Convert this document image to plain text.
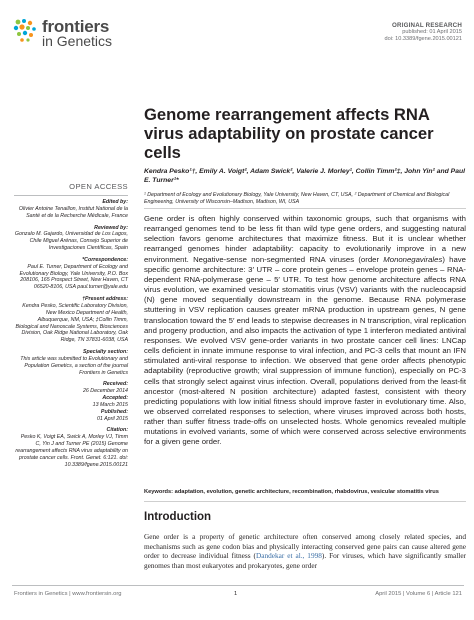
frontiers
in Genetics
ORIGINAL RESEARCH
published: 01 April 2015
doi: 10.3389/fgene.2015.00121
Genome rearrangement affects RNA virus adaptability on prostate cancer cells
Kendra Pesko¹†, Emily A. Voigt², Adam Swick², Valerie J. Morley¹, Collin Timm²‡, John Yin² and Paul E. Turner¹*
¹ Department of Ecology and Evolutionary Biology, Yale University, New Haven, CT, USA, ² Department of Chemical and Biological Engineering, University of Wisconsin–Madison, Madison, WI, USA
OPEN ACCESS
Edited by:
Olivier Antoine Tenaillon, Institut National de la Santé et de la Recherche Médicale, France
Reviewed by:
Gonzalo M. Gajardo, Universidad de Los Lagos, Chile Miguel Arénas, Consejo Superior de Investigaciones Científicas, Spain
*Correspondence:
Paul E. Turner, Department of Ecology and Evolutionary Biology, Yale University, P.O. Box 208106, 165 Prospect Street, New Haven, CT 06520-8106, USA paul.turner@yale.edu
†Present address:
Kendra Pesko, Scientific Laboratory Division, New Mexico Department of Health, Albuquerque, NM, USA; ‡Collin Timm, Biological and Nanoscale Systems, Biosciences Division, Oak Ridge National Laboratory, Oak Ridge, TN 37831-6038, USA
Specialty section:
This article was submitted to Evolutionary and Population Genetics, a section of the journal Frontiers in Genetics
Received:
26 December 2014
Accepted:
13 March 2015
Published:
01 April 2015
Citation:
Pesko K, Voigt EA, Swick A, Morley VJ, Timm C, Yin J and Turner PE (2015) Genome rearrangement affects RNA virus adaptability on prostate cancer cells. Front. Genet. 6:121. doi: 10.3389/fgene.2015.00121
Gene order is often highly conserved within taxonomic groups, such that organisms with rearranged genomes tend to be less fit than wild type gene orders, and suggesting natural selection favors genome architectures that maximize fitness. But it is unclear whether rearranged genomes hinder adaptability: capacity to evolutionarily improve in a new environment. Negative-sense non-segmented RNA viruses (order Mononegavirales) have specific genome architecture: 3′ UTR – core protein genes – envelope protein genes – RNA-dependent RNA-polymerase gene – 5′ UTR. To test how genome architecture affects RNA virus evolution, we examined vesicular stomatitis virus (VSV) variants with the nucleocapsid (N) gene moved sequentially downstream in the genome. Because RNA polymerase stuttering in VSV replication causes greater mRNA production in upstream genes, N gene translocation toward the 5′ end leads to stepwise decreases in N transcription, viral replication and progeny production, and also impacts the activation of type 1 interferon mediated antiviral responses. We evolved VSV gene-order variants in two prostate cancer cell lines: LNCap cells deficient in innate immune response to viral infection, and PC-3 cells that mount an IFN stimulated anti-viral response to infection. We observed that gene order affects phenotypic adaptability (reproductive growth; viral suppression of immune function), especially on PC-3 cells that strongly select against virus infection. Overall, populations derived from the least-fit ancestor (most-altered N position architecture) adapted fastest, consistent with theory predicting populations with low initial fitness should improve faster in evolutionary time. Also, we observed correlated responses to selection, where viruses improved across both hosts, rather than suffer fitness trade-offs on unselected hosts. Whole genomics revealed multiple mutations in evolved variants, some of which were conserved across selective environments for a given gene order.
Keywords: adaptation, evolution, genetic architecture, recombination, rhabdovirus, vesicular stomatitis virus
Introduction
Gene order is a property of genetic architecture often conserved among closely related species, and mechanisms such as gene codon bias and physically interacting conserved gene pairs can cause altered gene order to decrease individual fitness (Dandekar et al., 1998). For viruses, which have significantly smaller genomes than most eukaryotes and prokaryotes, gene order
Frontiers in Genetics | www.frontiersin.org	1	April 2015 | Volume 6 | Article 121
